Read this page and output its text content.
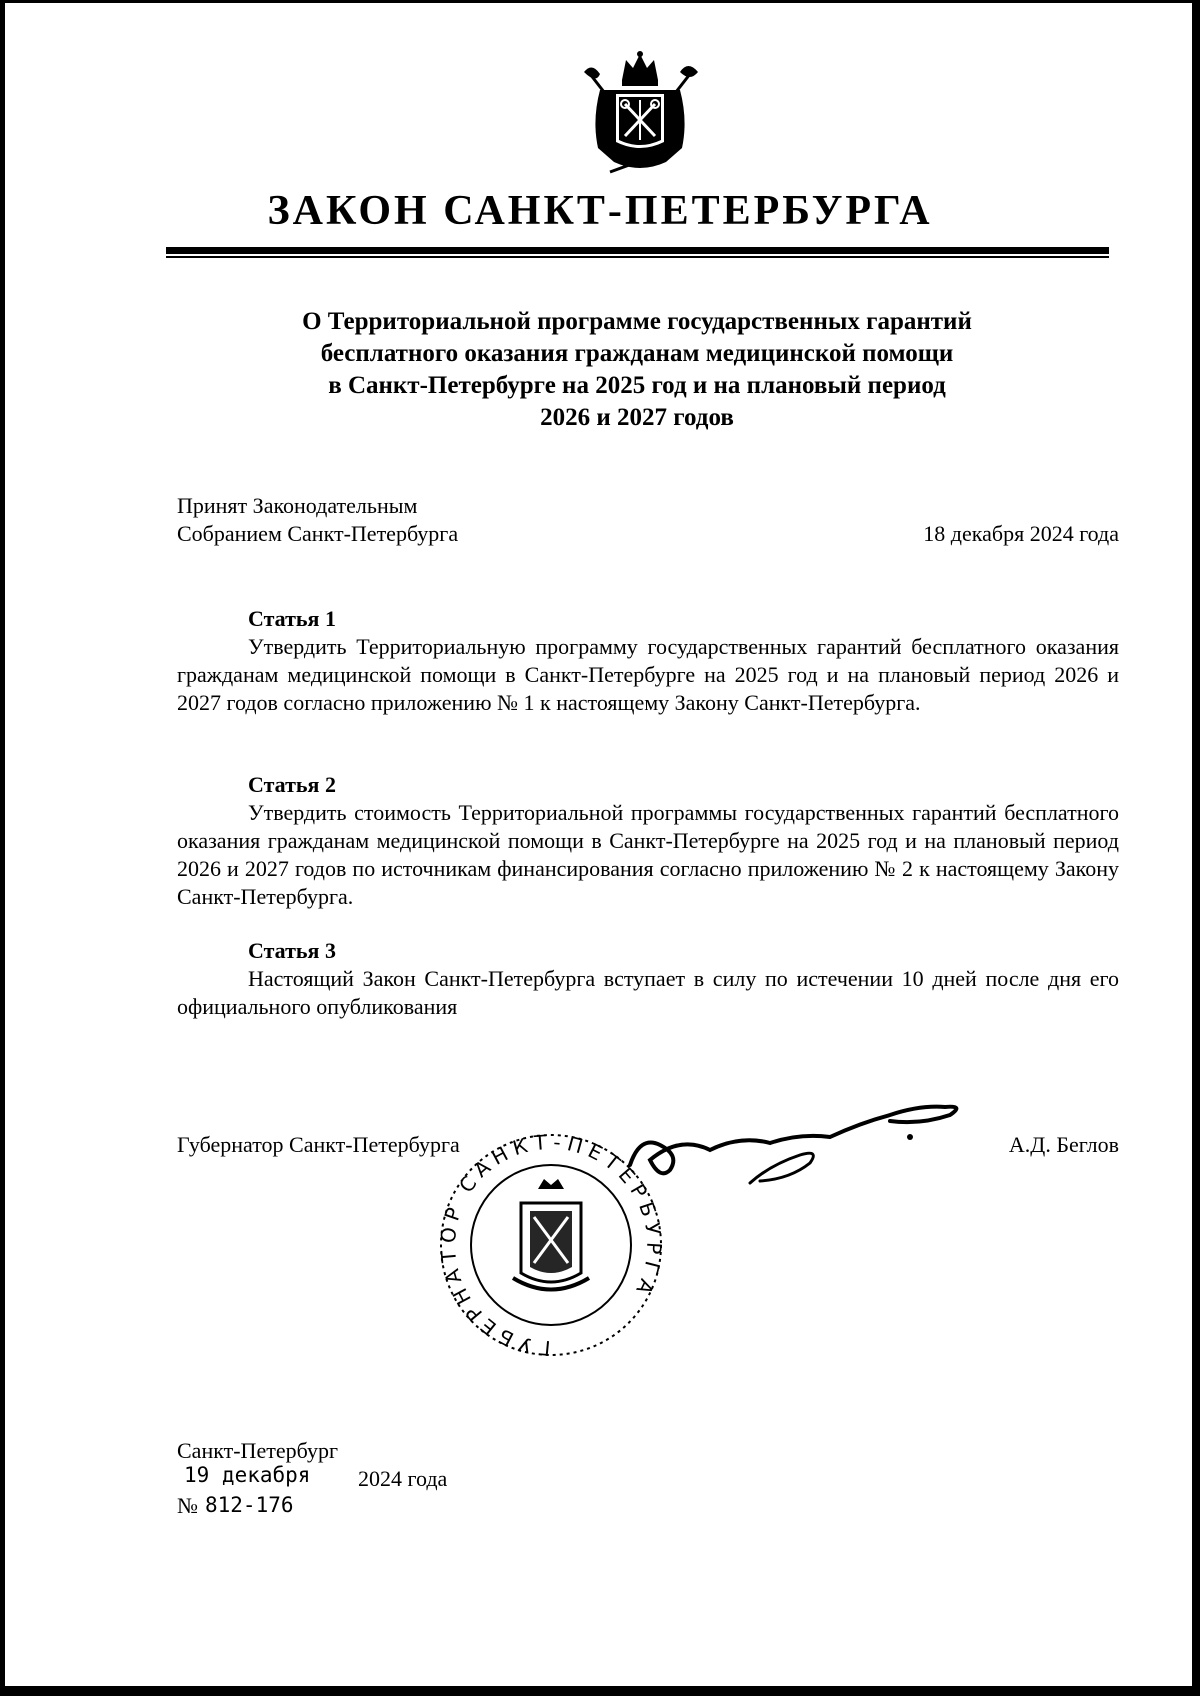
ЗАКОН САНКТ-ПЕТЕРБУРГА
О Территориальной программе государственных гарантий
бесплатного оказания гражданам медицинской помощи
в Санкт-Петербурге на 2025 год и на плановый период
2026 и 2027 годов
Принят Законодательным
Собранием Санкт-Петербурга	18 декабря 2024 года
Статья 1
Утвердить Территориальную программу государственных гарантий бесплатного оказания гражданам медицинской помощи в Санкт-Петербурге на 2025 год и на плановый период 2026 и 2027 годов согласно приложению № 1 к настоящему Закону Санкт-Петербурга.
Статья 2
Утвердить стоимость Территориальной программы государственных гарантий бесплатного оказания гражданам медицинской помощи в Санкт-Петербурге на 2025 год и на плановый период 2026 и 2027 годов по источникам финансирования согласно приложению № 2 к настоящему Закону Санкт-Петербурга.
Статья 3
Настоящий Закон Санкт-Петербурга вступает в силу по истечении 10 дней после дня его официального опубликования
Губернатор Санкт-Петербурга	А.Д. Беглов
ГУБЕРНАТОР САНКТ-ПЕТЕРБУРГА
Санкт-Петербург
19 декабря 2024 года
№ 812-176
